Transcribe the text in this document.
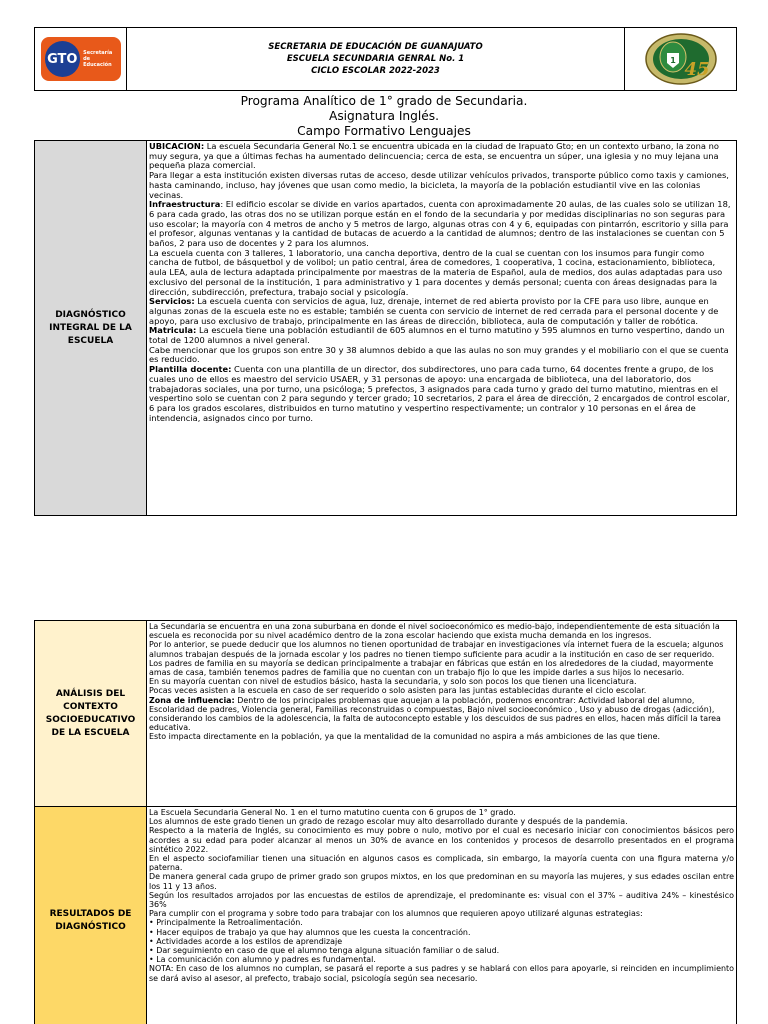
GTO	Secretaría de
Educación
SECRETARIA DE EDUCACIÓN DE GUANAJUATO
ESCUELA SECUNDARIA GENRAL No. 1
CICLO ESCOLAR 2022-2023
1 45
Programa Analítico de 1° grado de Secundaria.
Asignatura Inglés.
Campo Formativo Lenguajes
DIAGNÓSTICO INTEGRAL DE LA ESCUELA

UBICACION: La escuela Secundaria General No.1 se encuentra ubicada en la ciudad de Irapuato Gto; en un contexto urbano, la zona no muy segura, ya que a últimas fechas ha aumentado delincuencia; cerca de esta, se encuentra un súper, una iglesia y no muy lejana una pequeña plaza comercial.

Para llegar a esta institución existen diversas rutas de acceso, desde utilizar vehículos privados, transporte público como taxis y camiones, hasta caminando, incluso, hay jóvenes que usan como medio, la bicicleta, la mayoría de la población estudiantil vive en las colonias vecinas.

Infraestructura: El edificio escolar se divide en varios apartados, cuenta con aproximadamente 20 aulas, de las cuales solo se utilizan 18, 6 para cada grado, las otras dos no se utilizan porque están en el fondo de la secundaria y por medidas disciplinarias no son seguras para uso escolar; la mayoría con 4 metros de ancho y 5 metros de largo, algunas otras con 4 y 6, equipadas con pintarrón, escritorio y silla para el profesor, algunas ventanas y la cantidad de butacas de acuerdo a la cantidad de alumnos; dentro de las instalaciones se cuentan con 5 baños, 2 para uso de docentes y 2 para los alumnos.

La escuela cuenta con 3 talleres, 1 laboratorio, una cancha deportiva, dentro de la cual se cuentan con los insumos para fungir como cancha de futbol, de básquetbol y de volibol; un patio central, área de comedores, 1 cooperativa, 1 cocina, estacionamiento, biblioteca, aula LEA, aula de lectura adaptada principalmente por maestras de la materia de Español, aula de medios, dos aulas adaptadas para uso exclusivo del personal de la institución, 1 para administrativo y 1 para docentes y demás personal; cuenta con áreas designadas para la dirección, subdirección, prefectura, trabajo social y psicología.

Servicios: La escuela cuenta con servicios de agua, luz, drenaje, internet de red abierta provisto por la CFE para uso libre, aunque en algunas zonas de la escuela este no es estable; también se cuenta con servicio de internet de red cerrada para el personal docente y de apoyo, para uso exclusivo de trabajo, principalmente en las áreas de dirección, biblioteca, aula de computación y taller de robótica.

Matricula: La escuela tiene una población estudiantil de 605 alumnos en el turno matutino y 595 alumnos en turno vespertino, dando un total de 1200 alumnos a nivel general.

Cabe mencionar que los grupos son entre 30 y 38 alumnos debido a que las aulas no son muy grandes y el mobiliario con el que se cuenta es reducido.

Plantilla docente: Cuenta con una plantilla de un director, dos subdirectores, uno para cada turno, 64 docentes frente a grupo, de los cuales uno de ellos es maestro del servicio USAER, y 31 personas de apoyo: una encargada de biblioteca, una del laboratorio, dos trabajadoras sociales, una por turno, una psicóloga; 5 prefectos, 3 asignados para cada turno y grado del turno matutino, mientras en el vespertino solo se cuentan con 2 para segundo y tercer grado; 10 secretarios, 2 para el área de dirección, 2 encargados de control escolar, 6 para los grados escolares, distribuidos en turno matutino y vespertino respectivamente; un contralor y 10 personas en el área de intendencia, asignados cinco por turno.

ANÁLISIS DEL CONTEXTO SOCIOEDUCATIVO DE LA ESCUELA

La Secundaria se encuentra en una zona suburbana en donde el nivel socioeconómico es medio-bajo, independientemente de esta situación la escuela es reconocida por su nivel académico dentro de la zona escolar haciendo que exista mucha demanda en los ingresos.

Por lo anterior, se puede deducir que los alumnos no tienen oportunidad de trabajar en investigaciones vía internet fuera de la escuela; algunos alumnos trabajan después de la jornada escolar y los padres no tienen tiempo suficiente para acudir a la institución en caso de ser requerido.

Los padres de familia en su mayoría se dedican principalmente a trabajar en fábricas que están en los alrededores de la ciudad, mayormente amas de casa, también tenemos padres de familia que no cuentan con un trabajo fijo lo que les impide darles a sus hijos lo necesario.

En su mayoría cuentan con nivel de estudios básico, hasta la secundaria, y solo son pocos los que tienen una licenciatura.

Pocas veces asisten a la escuela en caso de ser requerido o solo asisten para las juntas establecidas durante el ciclo escolar.

Zona de influencia: Dentro de los principales problemas que aquejan a la población, podemos encontrar: Actividad laboral del alumno, Escolaridad de padres, Violencia general, Familias reconstruidas o compuestas, Bajo nivel socioeconómico , Uso y abuso de drogas (adicción), considerando los cambios de la adolescencia, la falta de autoconcepto estable y los descuidos de sus padres en ellos, hacen más difícil la tarea educativa.

Esto impacta directamente en la población, ya que la mentalidad de la comunidad no aspira a más ambiciones de las que tiene.

RESULTADOS DE DIAGNÓSTICO

La Escuela Secundaria General No. 1 en el turno matutino cuenta con 6 grupos de 1° grado.

Los alumnos de este grado tienen un grado de rezago escolar muy alto desarrollado durante y después de la pandemia.

Respecto a la materia de Inglés, su conocimiento es muy pobre o nulo, motivo por el cual es necesario iniciar con conocimientos básicos pero acordes a su edad para poder alcanzar al menos un 30% de avance en los contenidos y procesos de desarrollo presentados en el programa sintético 2022.

En el aspecto sociofamiliar tienen una situación en algunos casos es complicada, sin embargo, la mayoría cuenta con una figura materna y/o paterna.

De manera general cada grupo de primer grado son grupos mixtos, en los que predominan en su mayoría las mujeres, y sus edades oscilan entre los 11 y 13 años.

Según los resultados arrojados por las encuestas de estilos de aprendizaje, el predominante es: visual con el 37% – auditiva 24% – kinestésico 36%

Para cumplir con el programa y sobre todo para trabajar con los alumnos que requieren apoyo utilizaré algunas estrategias:

• Principalmente la Retroalimentación.

• Hacer equipos de trabajo ya que hay alumnos que les cuesta la concentración.

• Actividades acorde a los estilos de aprendizaje

• Dar seguimiento en caso de que el alumno tenga alguna situación familiar o de salud.

• La comunicación con alumno y padres es fundamental.

NOTA: En caso de los alumnos no cumplan, se pasará el reporte a sus padres y se hablará con ellos para apoyarle, si reinciden en incumplimiento se dará aviso al asesor, al prefecto, trabajo social, psicología según sea necesario.
